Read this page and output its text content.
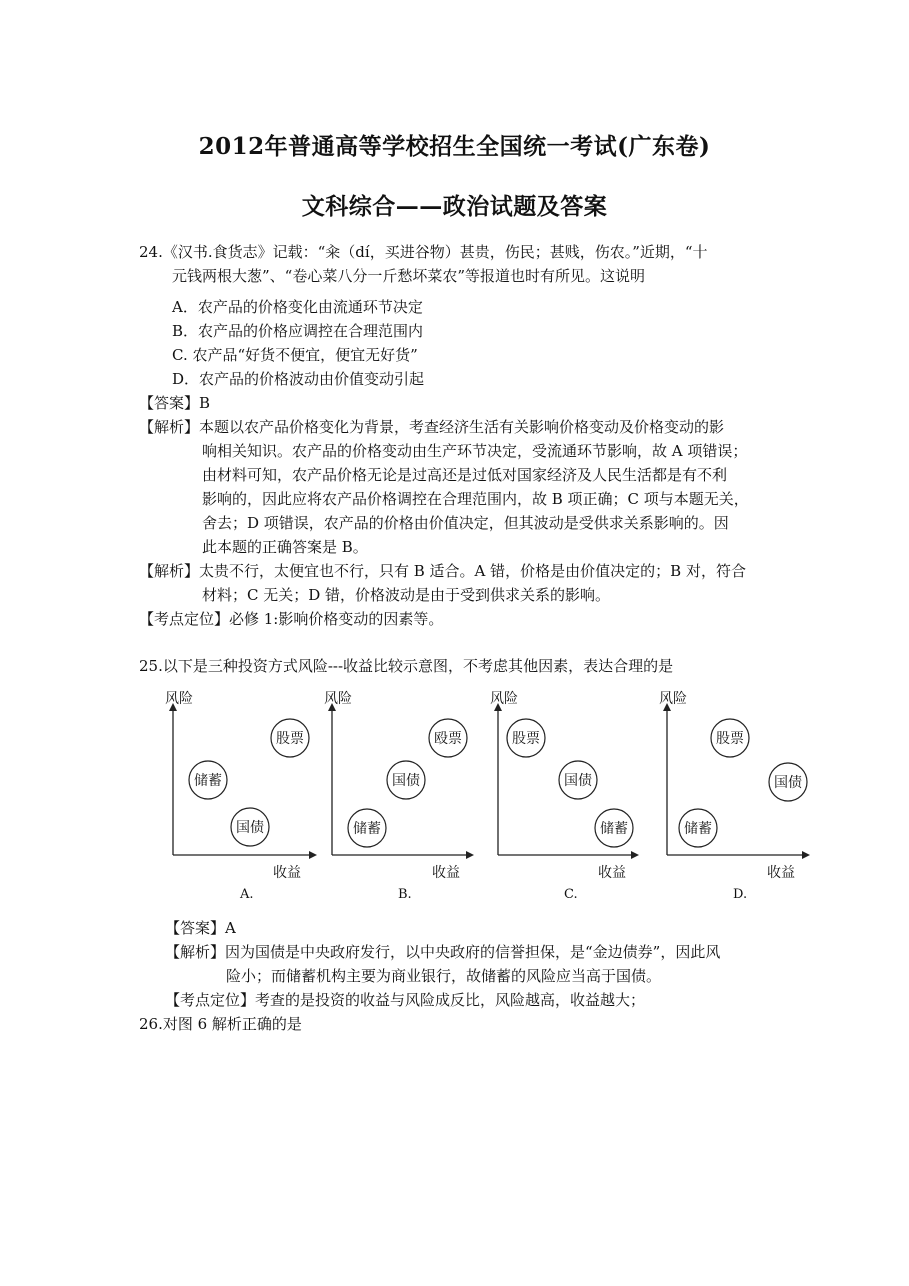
2012年普通高等学校招生全国统一考试(广东卷)
文科综合——政治试题及答案
24.《汉书.食货志》记载：“籴（dí，买进谷物）甚贵，伤民；甚贱，伤农。”近期，“十
元钱两根大葱”、“卷心菜八分一斤愁坏菜农”等报道也时有所见。这说明
A．农产品的价格变化由流通环节决定
B．农产品的价格应调控在合理范围内
C. 农产品“好货不便宜，便宜无好货”
D．农产品的价格波动由价值变动引起
【答案】B
【解析】本题以农产品价格变化为背景，考查经济生活有关影响价格变动及价格变动的影
响相关知识。农产品的价格变动由生产环节决定，受流通环节影响，故 A 项错误；
由材料可知，农产品价格无论是过高还是过低对国家经济及人民生活都是有不利
影响的，因此应将农产品价格调控在合理范围内，故 B 项正确；C 项与本题无关，
舍去；D 项错误，农产品的价格由价值决定，但其波动是受供求关系影响的。因
此本题的正确答案是 B。
【解析】太贵不行，太便宜也不行，只有 B 适合。A 错，价格是由价值决定的；B 对，符合
材料；C 无关；D 错，价格波动是由于受到供求关系的影响。
【考点定位】必修 1:影响价格变动的因素等。
25.以下是三种投资方式风险---收益比较示意图，不考虑其他因素，表达合理的是
风险
收益
股票
储蓄
国债
A.
风险
收益
殴票
国债
储蓄
B.
风险
收益
股票
国债
储蓄
C.
风险
收益
股票
国债
储蓄
D.
【答案】A
【解析】因为国债是中央政府发行，以中央政府的信誉担保，是“金边债券”，因此风
险小；而储蓄机构主要为商业银行，故储蓄的风险应当高于国债。
【考点定位】考查的是投资的收益与风险成反比，风险越高，收益越大；
26.对图 6 解析正确的是
